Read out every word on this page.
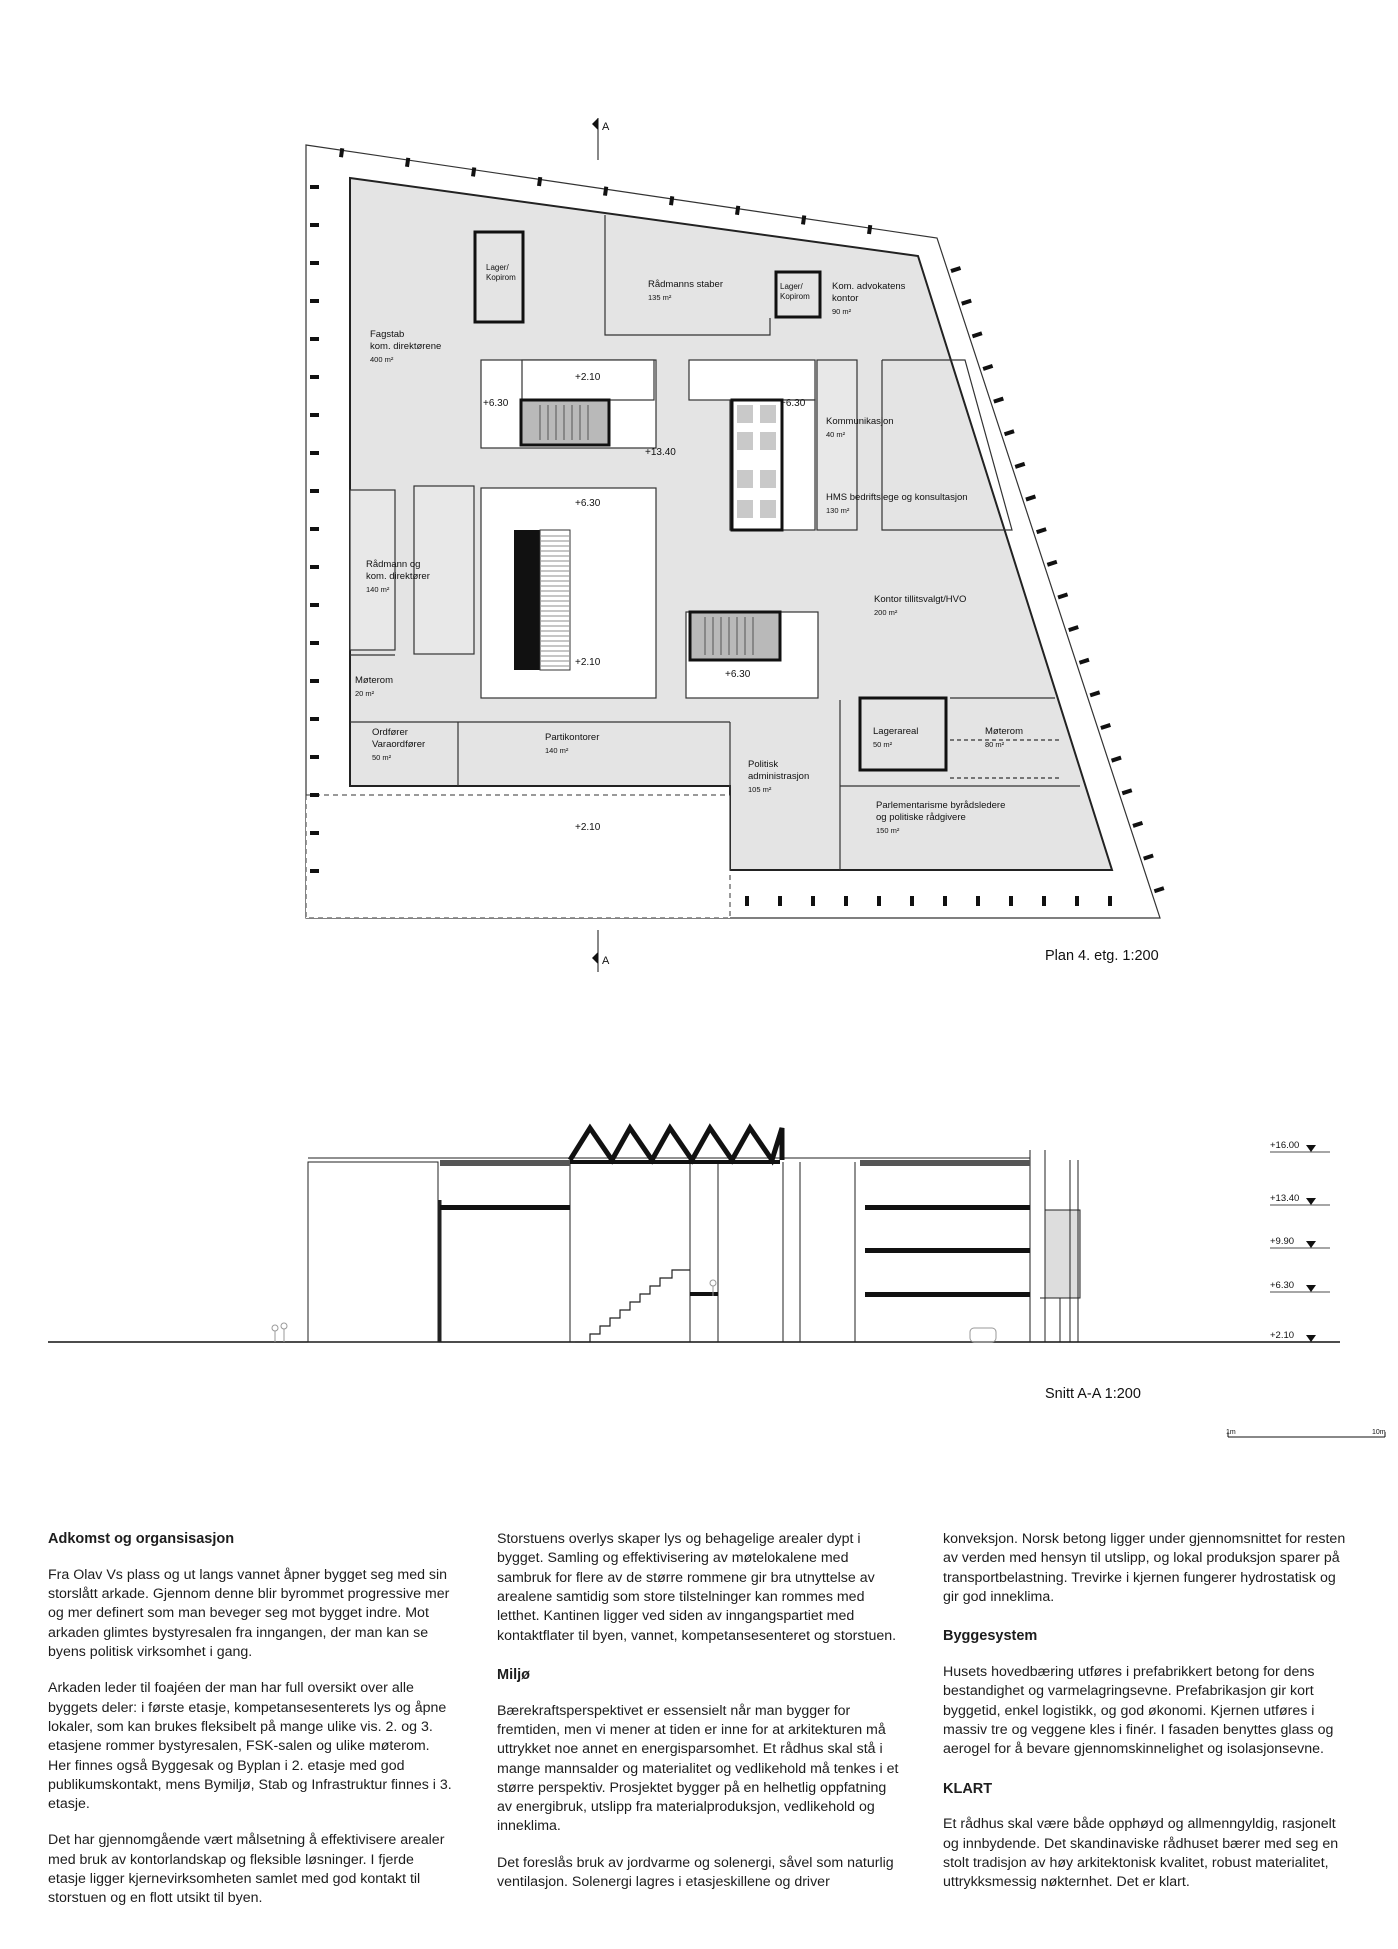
A
A
Fagstab
kom. direktørene
400 m²
Lager/
Kopirom
Rådmanns staber
135 m²
Lager/
Kopirom
Kom. advokatens
kontor
90 m²
Kommunikasjon
40 m²
HMS bedriftslege og konsultasjon
130 m²
Rådmann og
kom. direktører
140 m²
Kontor tillitsvalgt/HVO
200 m²
Møterom
20 m²
Ordfører
Varaordfører
50 m²
Partikontorer
140 m²
Politisk
administrasjon
105 m²
Lagerareal
50 m²
Møterom
80 m²
Parlementarisme byrådsledere
og politiske rådgivere
150 m²
+2.10
+6.30	+6.30
+13.40
+6.30
+2.10
+6.30
+2.10
Plan 4. etg. 1:200
+16.00
+13.40
+9.90
+6.30
+2.10
Snitt A-A 1:200
1m	10m
Adkomst og organsisasjon

Fra Olav Vs plass og ut langs vannet åpner bygget seg med sin storslått arkade. Gjennom denne blir byrommet progressive mer og mer definert som man beveger seg mot bygget indre. Mot arkaden glimtes bystyresalen fra inngangen, der man kan se byens politisk virksomhet i gang.

Arkaden leder til foajéen der man har full oversikt over alle byggets deler: i første etasje, kompetansesenterets lys og åpne lokaler, som kan brukes fleksibelt på mange ulike vis. 2. og 3. etasjene rommer bystyresalen, FSK-salen og ulike møterom. Her finnes også Byggesak og Byplan i 2. etasje med god publikumskontakt, mens Bymiljø, Stab og Infrastruktur finnes i 3. etasje.

Det har gjennomgående vært målsetning å effektivisere arealer med bruk av kontorlandskap og fleksible løsninger. I fjerde etasje ligger kjernevirksomheten samlet med god kontakt til storstuen og en flott utsikt til byen.

Storstuens overlys skaper lys og behagelige arealer dypt i bygget. Samling og effektivisering av møtelokalene med sambruk for flere av de større rommene gir bra utnyttelse av arealene samtidig som store tilstelninger kan rommes med letthet. Kantinen ligger ved siden av inngangspartiet med kontaktflater til byen, vannet, kompetansesenteret og storstuen.

Miljø

Bærekraftsperspektivet er essensielt når man bygger for fremtiden, men vi mener at tiden er inne for at arkitekturen må uttrykket noe annet en energisparsomhet. Et rådhus skal stå i mange mannsalder og materialitet og vedlikehold må tenkes i et større perspektiv. Prosjektet bygger på en helhetlig oppfatning av energibruk, utslipp fra materialproduksjon, vedlikehold og inneklima.

Det foreslås bruk av jordvarme og solenergi, såvel som naturlig ventilasjon. Solenergi lagres i etasjeskillene og driver

konveksjon. Norsk betong ligger under gjennomsnittet for resten av verden med hensyn til utslipp, og lokal produksjon sparer på transportbelastning. Trevirke i kjernen fungerer hydrostatisk og gir god inneklima.

Byggesystem

Husets hovedbæring utføres i prefabrikkert betong for dens bestandighet og varmelagringsevne. Prefabrikasjon gir kort byggetid, enkel logistikk, og god økonomi. Kjernen utføres i massiv tre og veggene kles i finér. I fasaden benyttes glass og aerogel for å bevare gjennomskinnelighet og isolasjonsevne.

KLART

Et rådhus skal være både opphøyd og allmenngyldig, rasjonelt og innbydende. Det skandinaviske rådhuset bærer med seg en stolt tradisjon av høy arkitektonisk kvalitet, robust materialitet, uttrykksmessig nøkternhet. Det er klart.
